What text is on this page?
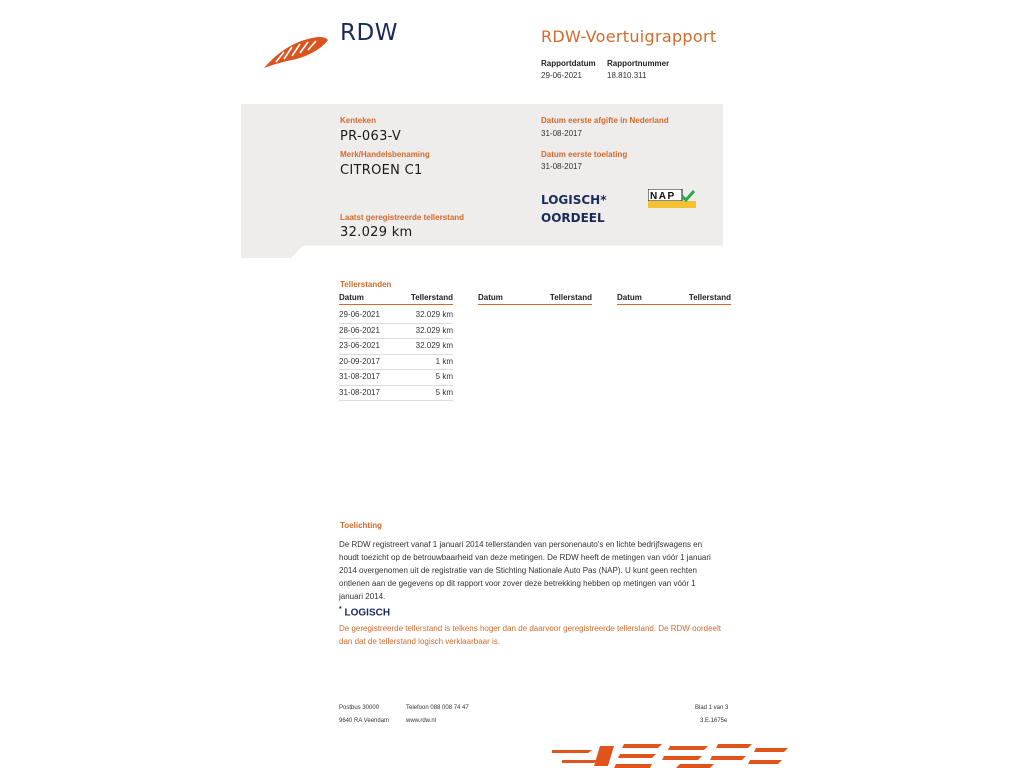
RDW	RDW-Voertuigrapport
Rapportdatum
29-06-2021
Rapportnummer
18.810.311
Kenteken
PR-063-V
Merk/Handelsbenaming
CITROEN C1
Laatst geregistreerde tellerstand
32.029 km
Datum eerste afgifte in Nederland
31-08-2017
Datum eerste toelating
31-08-2017
LOGISCH*
OORDEEL
NAP
Tellerstanden
Datum	Tellerstand
29-06-2021	32.029 km
28-06-2021	32.029 km
23-06-2021	32.029 km
20-09-2017	1 km
31-08-2017	5 km
31-08-2017	5 km
Datum	Tellerstand	Datum	Tellerstand
Toelichting
De RDW registreert vanaf 1 januari 2014 tellerstanden van personenauto's en lichte bedrijfswagens en houdt toezicht op de betrouwbaarheid van deze metingen. De RDW heeft de metingen van vóór 1 januari 2014 overgenomen uit de registratie van de Stichting Nationale Auto Pas (NAP). U kunt geen rechten ontlenen aan de gegevens op dit rapport voor zover deze betrekking hebben op metingen van vóór 1 januari 2014.
* LOGISCH
De geregistreerde tellerstand is telkens hoger dan de daarvoor geregistreerde tellerstand. De RDW oordeelt dan dat de tellerstand logisch verklaarbaar is.
Postbus 30000
9640 RA Veendam
Telefoon 088 008 74 47
www.rdw.nl
Blad 1 van 3
3.E.1675e
